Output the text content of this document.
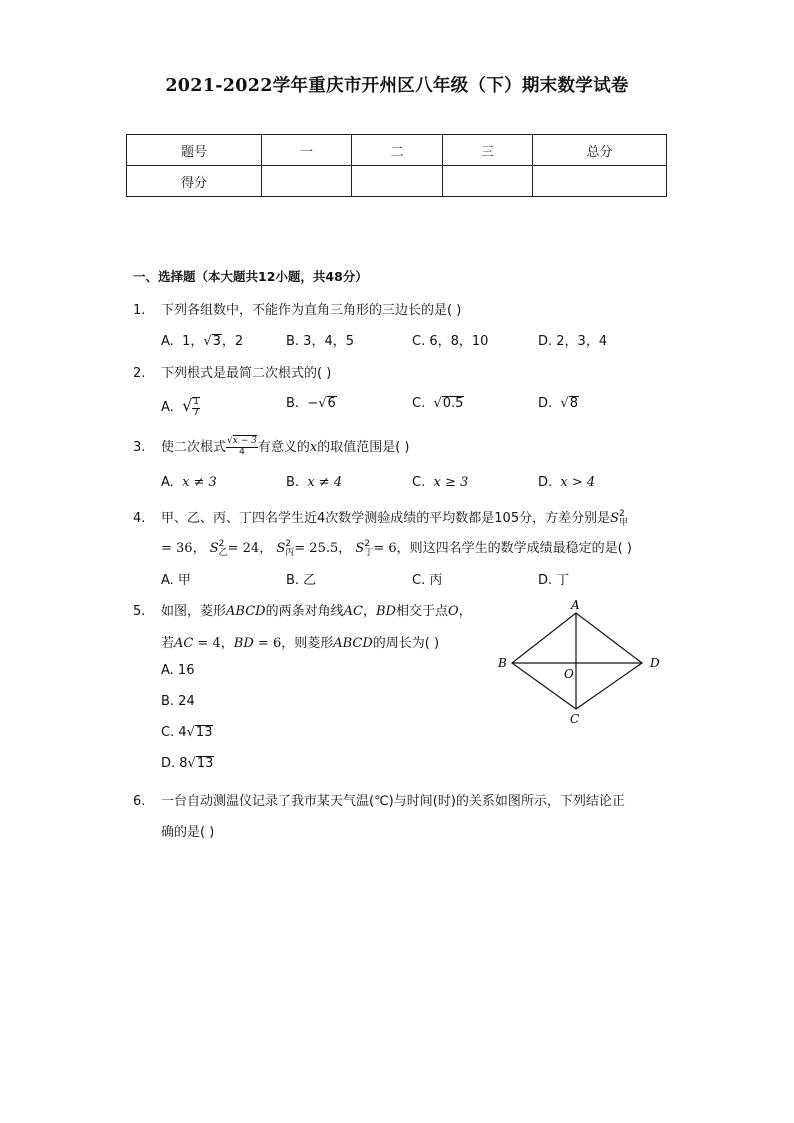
2021-2022学年重庆市开州区八年级（下）期末数学试卷
题号	一	二	三	总分
得分				
一、选择题（本大题共12小题，共48分）
1. 下列各组数中，不能作为直角三角形的三边长的是( )
A. 1，√3，2	B. 3，4，5	C. 6，8，10	D. 2，3，4
2. 下列根式是最简二次根式的( )
A. √ $\frac{1}{7}$	B. −√6	C. √0.5	D. √8
3. 使二次根式 $\frac{√x - 3}{4}$ 有意义的x的取值范围是( )
A. x ≠ 3	B. x ≠ 4	C. x ≥ 3	D. x > 4
4. 甲、乙、丙、丁四名学生近4次数学测验成绩的平均数都是105分，方差分别是S 2
甲
= 36， S 2
乙 = 24， S 2
丙 = 25.5， S 2
丁 = 6，则这四名学生的数学成绩最稳定的是( )
A. 甲	B. 乙	C. 丙	D. 丁
5. 如图，菱形ABCD的两条对角线AC，BD相交于点O，
若AC = 4，BD = 6，则菱形ABCD的周长为( )
A. 16
B. 24
C. 4√13
D. 8√13
A
B
C
D
O
6. 一台自动测温仪记录了我市某天气温(℃)与时间(时)的关系如图所示，下列结论正
确的是( )
